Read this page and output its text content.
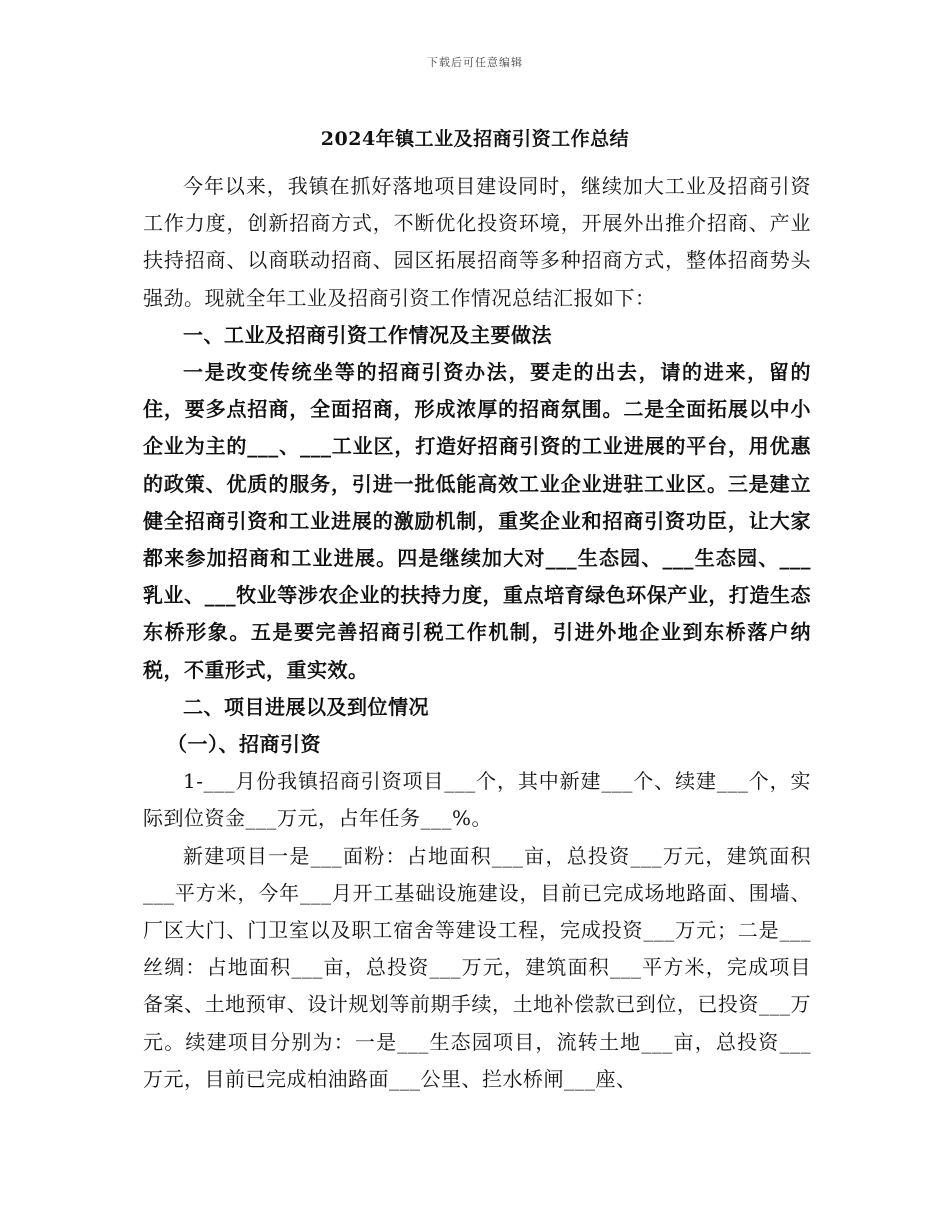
下载后可任意编辑
2024年镇工业及招商引资工作总结

今年以来，我镇在抓好落地项目建设同时，继续加大工业及招商引资工作力度，创新招商方式，不断优化投资环境，开展外出推介招商、产业扶持招商、以商联动招商、园区拓展招商等多种招商方式，整体招商势头强劲。现就全年工业及招商引资工作情况总结汇报如下：

一、工业及招商引资工作情况及主要做法

一是改变传统坐等的招商引资办法，要走的出去，请的进来，留的住，要多点招商，全面招商，形成浓厚的招商氛围。二是全面拓展以中小企业为主的___、___工业区，打造好招商引资的工业进展的平台，用优惠的政策、优质的服务，引进一批低能高效工业企业进驻工业区。三是建立健全招商引资和工业进展的激励机制，重奖企业和招商引资功臣，让大家都来参加招商和工业进展。四是继续加大对___生态园、___生态园、___乳业、___牧业等涉农企业的扶持力度，重点培育绿色环保产业，打造生态东桥形象。五是要完善招商引税工作机制，引进外地企业到东桥落户纳税，不重形式，重实效。

二、项目进展以及到位情况

（一）、招商引资

1-___月份我镇招商引资项目___个，其中新建___个、续建___个，实际到位资金___万元，占年任务___%。

新建项目一是___面粉：占地面积___亩，总投资___万元，建筑面积___平方米，今年___月开工基础设施建设，目前已完成场地路面、围墙、厂区大门、门卫室以及职工宿舍等建设工程，完成投资___万元；二是___丝绸：占地面积___亩，总投资___万元，建筑面积___平方米，完成项目备案、土地预审、设计规划等前期手续，土地补偿款已到位，已投资___万元。续建项目分别为：一是___生态园项目，流转土地___亩，总投资___万元，目前已完成柏油路面___公里、拦水桥闸___座、
